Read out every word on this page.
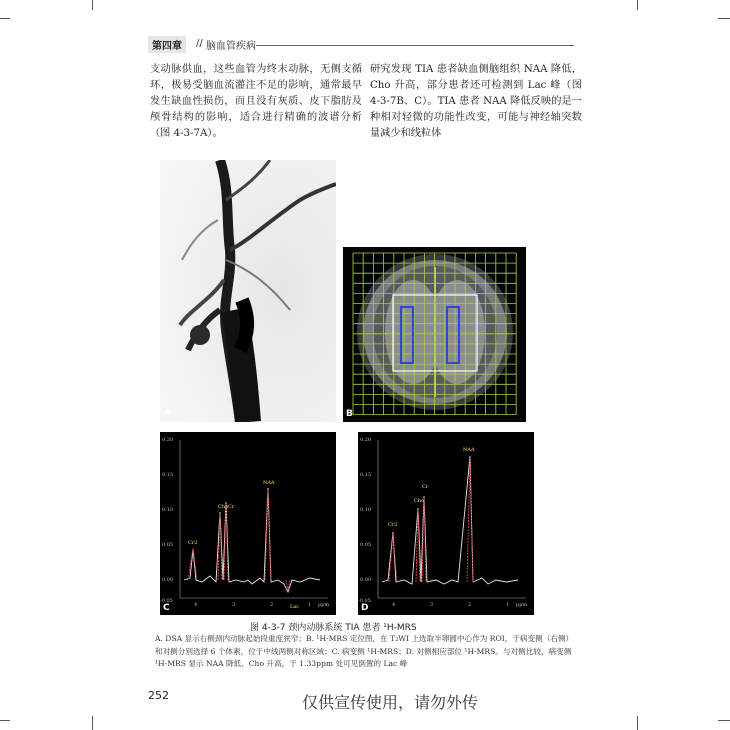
第四章	// 脑血管疾病
支动脉供血，这些血管为终末动脉，无侧支循环，极易受脑血流灌注不足的影响，通常最早发生缺血性损伤，而且没有灰质、皮下脂肪及颅骨结构的影响，适合进行精确的波谱分析（图 4-3-7A）。
研究发现 TIA 患者缺血侧脑组织 NAA 降低，Cho 升高，部分患者还可检测到 Lac 峰（图 4-3-7B、C）。TIA 患者 NAA 降低反映的是一种相对轻微的功能性改变，可能与神经轴突数量减少和线粒体
A	B
0.20
0.15
0.10
0.05
0.00
-0.05
Cr2
Cho Cr
NAA
Lac
4	3	2	1 ppm
C
0.20
0.15
0.10
0.05
0.00
-0.05
Cr2
Cho
Cr
NAA
4	3	2	1 ppm
D
图 4-3-7 颈内动脉系统 TIA 患者 ¹H-MRS
A. DSA 显示右侧颈内动脉起始段重度狭窄；B. ¹H-MRS 定位图，在 T₂WI 上选取半卵圆中心作为 ROI，于病变侧（右侧）和对侧分别选择 6 个体素，位于中线两侧对称区域；C. 病变侧 ¹H-MRS；D. 对侧相应部位 ¹H-MRS。与对侧比较，病变侧 ¹H-MRS 显示 NAA 降低、Cho 升高，于 1.33ppm 处可见倒置的 Lac 峰
252	仅供宣传使用，请勿外传
